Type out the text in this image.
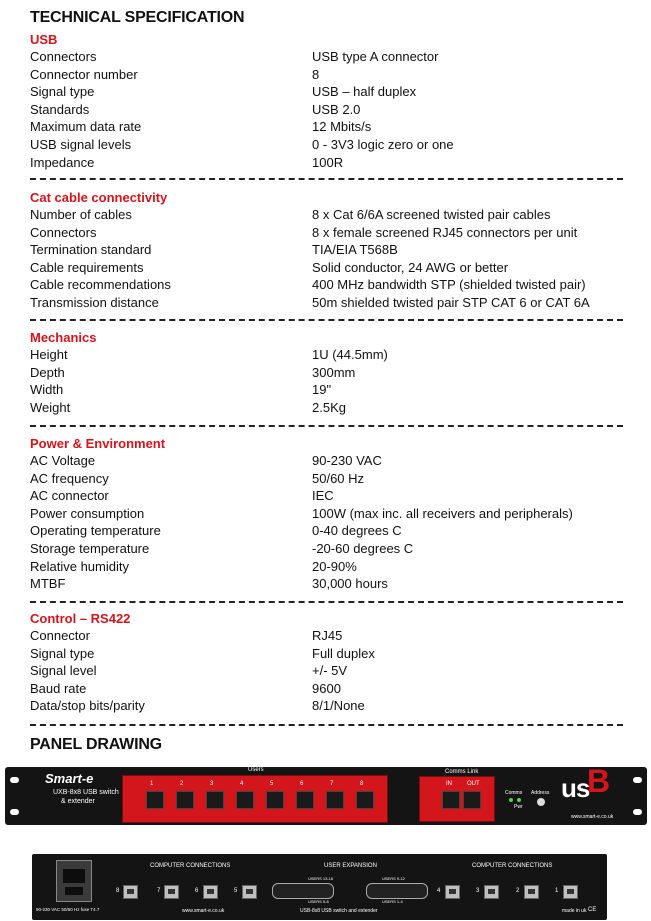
TECHNICAL SPECIFICATION
USB
Connectors	USB type A connector
Connector number	8
Signal type	USB – half duplex
Standards	USB 2.0
Maximum data rate	12 Mbits/s
USB signal levels	0 - 3V3 logic zero or one
Impedance	100R
Cat cable connectivity
Number of cables	8 x Cat 6/6A screened twisted pair cables
Connectors	8 x female screened RJ45 connectors per unit
Termination standard	TIA/EIA T568B
Cable requirements	Solid conductor, 24 AWG or better
Cable recommendations	400 MHz bandwidth STP (shielded twisted pair)
Transmission distance	50m shielded twisted pair STP CAT 6 or CAT 6A
Mechanics
Height	1U (44.5mm)
Depth	300mm
Width	19"
Weight	2.5Kg
Power & Environment
AC Voltage	90-230 VAC
AC frequency	50/60 Hz
AC connector	IEC
Power consumption	100W (max inc. all receivers and peripherals)
Operating temperature	0-40 degrees C
Storage temperature	-20-60 degrees C
Relative humidity	20-90%
MTBF	30,000 hours
Control – RS422
Connector	RJ45
Signal type	Full duplex
Signal level	+/- 5V
Baud rate	9600
Data/stop bits/parity	8/1/None
PANEL DRAWING
Smart-e
UXB-8x8 USB switch
& extender
Users
1	2	3	4	5	6	7	8
Comms Link
IN	OUT
Comms
Pwr
Address us
B
www.smart-e.co.uk
90-230 VAC 50/60 Hz fuse T4.7
COMPUTER CONNECTIONS
8	7	6	5
USER EXPANSION
USERS 13-16	USERS 9-12
USERS 5-8	USERS 1-4
COMPUTER CONNECTIONS
4	3	2	1
www.smart-e.co.uk	USB-8x8 USB switch and extender	made in uk CE
